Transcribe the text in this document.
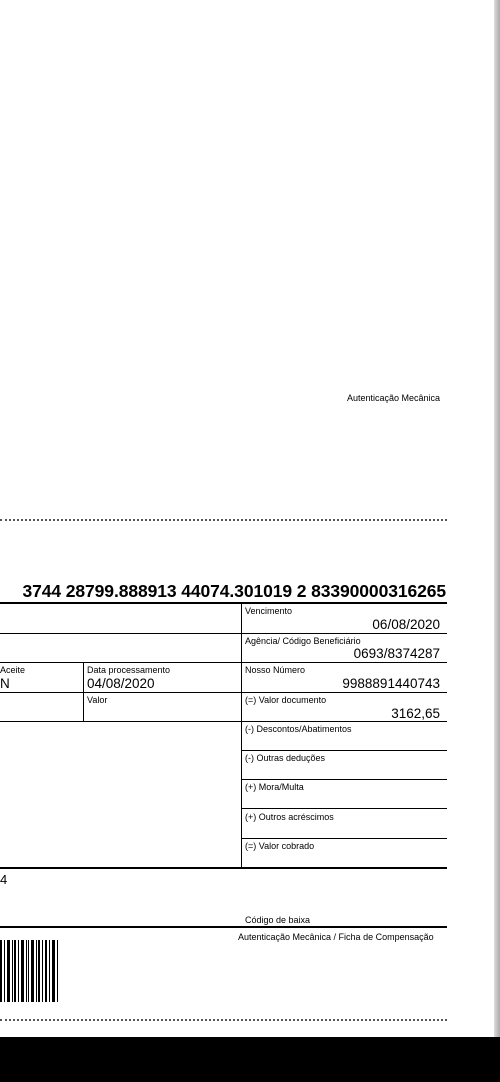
Autenticação Mecânica
3744 28799.888913 44074.301019 2 83390000316265
Vencimento
06/08/2020
Agência/ Código Beneficiário
0693/8374287
Aceite
N
Data processamento
04/08/2020
Nosso Número
9988891440743
Valor	(=) Valor documento
3162,65
(-) Descontos/Abatimentos
(-) Outras deduções
(+) Mora/Multa
(+) Outros acréscimos
(=) Valor cobrado
4
Código de baixa
Autenticação Mecânica / Ficha de Compensação
